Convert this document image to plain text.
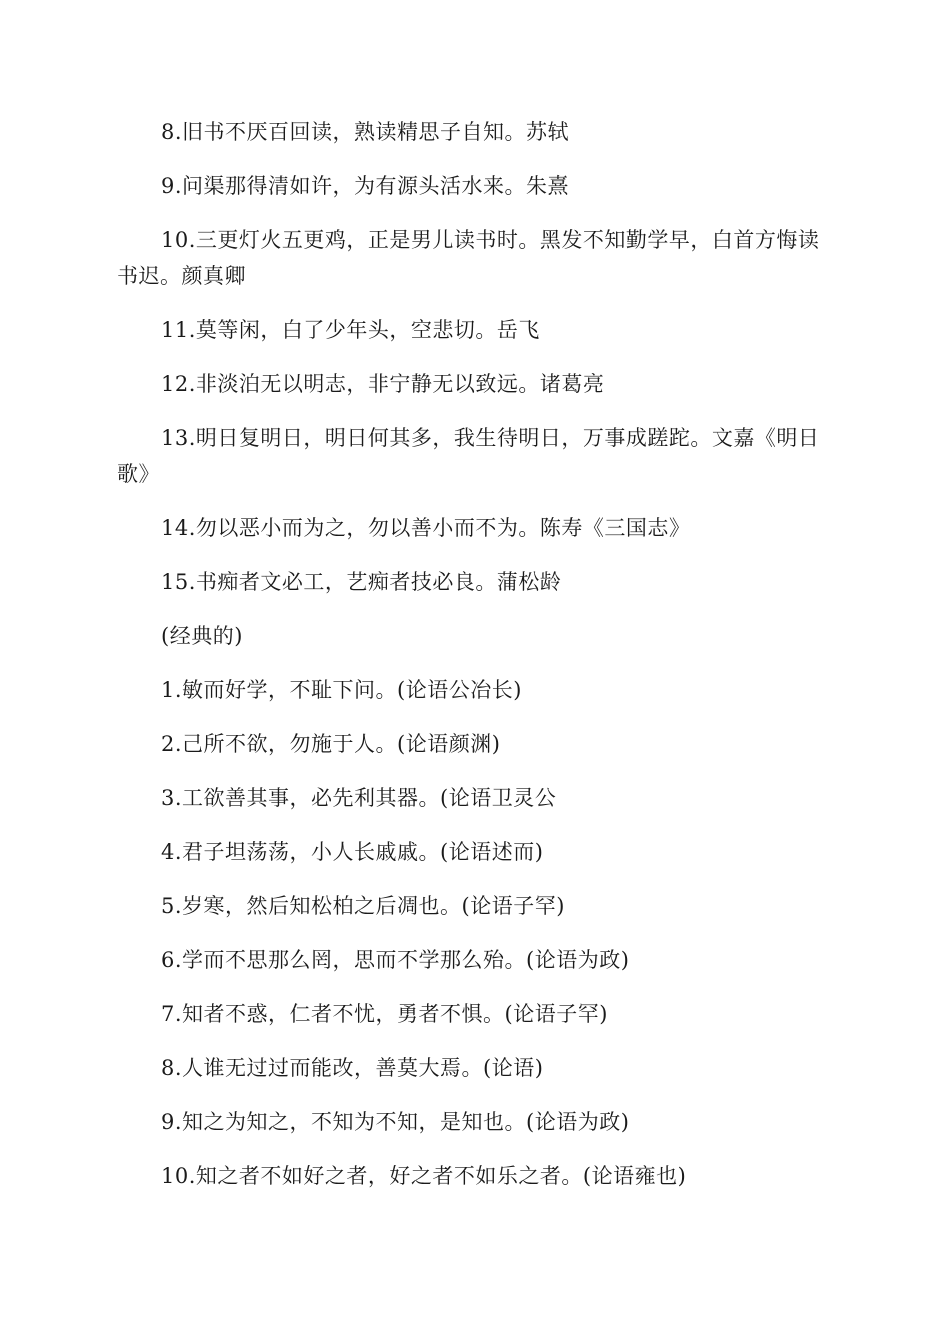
8.旧书不厌百回读，熟读精思子自知。苏轼

9.问渠那得清如许，为有源头活水来。朱熹

10.三更灯火五更鸡，正是男儿读书时。黑发不知勤学早，白首方悔读书迟。颜真卿

11.莫等闲，白了少年头，空悲切。岳飞

12.非淡泊无以明志，非宁静无以致远。诸葛亮

13.明日复明日，明日何其多，我生待明日，万事成蹉跎。文嘉《明日歌》

14.勿以恶小而为之，勿以善小而不为。陈寿《三国志》

15.书痴者文必工，艺痴者技必良。蒲松龄

(经典的)

1.敏而好学，不耻下问。(论语公冶长)

2.己所不欲，勿施于人。(论语颜渊)

3.工欲善其事，必先利其器。(论语卫灵公

4.君子坦荡荡，小人长戚戚。(论语述而)

5.岁寒，然后知松柏之后凋也。(论语子罕)

6.学而不思那么罔，思而不学那么殆。(论语为政)

7.知者不惑，仁者不忧，勇者不惧。(论语子罕)

8.人谁无过过而能改，善莫大焉。(论语)

9.知之为知之，不知为不知，是知也。(论语为政)

10.知之者不如好之者，好之者不如乐之者。(论语雍也)
